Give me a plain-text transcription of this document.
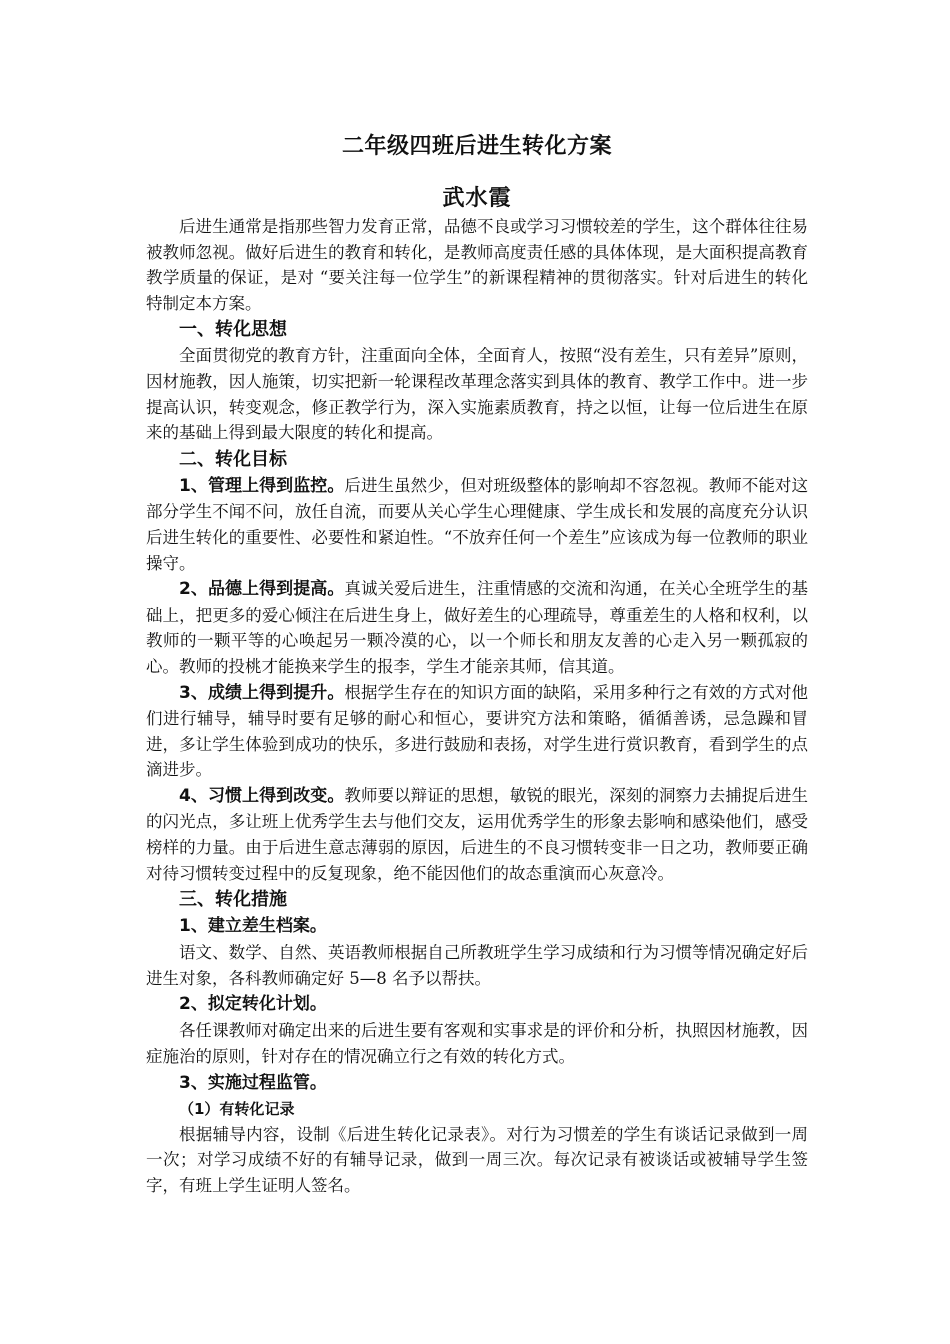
二年级四班后进生转化方案
武水霞

后进生通常是指那些智力发育正常，品德不良或学习习惯较差的学生，这个群体往往易被教师忽视。做好后进生的教育和转化，是教师高度责任感的具体体现，是大面积提高教育教学质量的保证，是对 “要关注每一位学生”的新课程精神的贯彻落实。针对后进生的转化特制定本方案。

一、转化思想

全面贯彻党的教育方针，注重面向全体，全面育人，按照“没有差生，只有差异”原则，因材施教，因人施策，切实把新一轮课程改革理念落实到具体的教育、教学工作中。进一步提高认识，转变观念，修正教学行为，深入实施素质教育，持之以恒，让每一位后进生在原来的基础上得到最大限度的转化和提高。

二、转化目标

1、管理上得到监控。后进生虽然少，但对班级整体的影响却不容忽视。教师不能对这部分学生不闻不问，放任自流，而要从关心学生心理健康、学生成长和发展的高度充分认识后进生转化的重要性、必要性和紧迫性。“不放弃任何一个差生”应该成为每一位教师的职业操守。

2、品德上得到提高。真诚关爱后进生，注重情感的交流和沟通，在关心全班学生的基础上，把更多的爱心倾注在后进生身上，做好差生的心理疏导，尊重差生的人格和权利，以教师的一颗平等的心唤起另一颗冷漠的心，以一个师长和朋友友善的心走入另一颗孤寂的心。教师的投桃才能换来学生的报李，学生才能亲其师，信其道。

3、成绩上得到提升。根据学生存在的知识方面的缺陷，采用多种行之有效的方式对他们进行辅导，辅导时要有足够的耐心和恒心，要讲究方法和策略，循循善诱，忌急躁和冒进，多让学生体验到成功的快乐，多进行鼓励和表扬，对学生进行赏识教育，看到学生的点滴进步。

4、习惯上得到改变。教师要以辩证的思想，敏锐的眼光，深刻的洞察力去捕捉后进生的闪光点，多让班上优秀学生去与他们交友，运用优秀学生的形象去影响和感染他们，感受榜样的力量。由于后进生意志薄弱的原因，后进生的不良习惯转变非一日之功，教师要正确对待习惯转变过程中的反复现象，绝不能因他们的故态重演而心灰意冷。

三、转化措施
1、建立差生档案。

语文、数学、自然、英语教师根据自己所教班学生学习成绩和行为习惯等情况确定好后进生对象，各科教师确定好 5—8 名予以帮扶。

2、拟定转化计划。

各任课教师对确定出来的后进生要有客观和实事求是的评价和分析，执照因材施教，因症施治的原则，针对存在的情况确立行之有效的转化方式。

3、实施过程监管。
（1）有转化记录

根据辅导内容，设制《后进生转化记录表》。对行为习惯差的学生有谈话记录做到一周一次；对学习成绩不好的有辅导记录，做到一周三次。每次记录有被谈话或被辅导学生签字，有班上学生证明人签名。
